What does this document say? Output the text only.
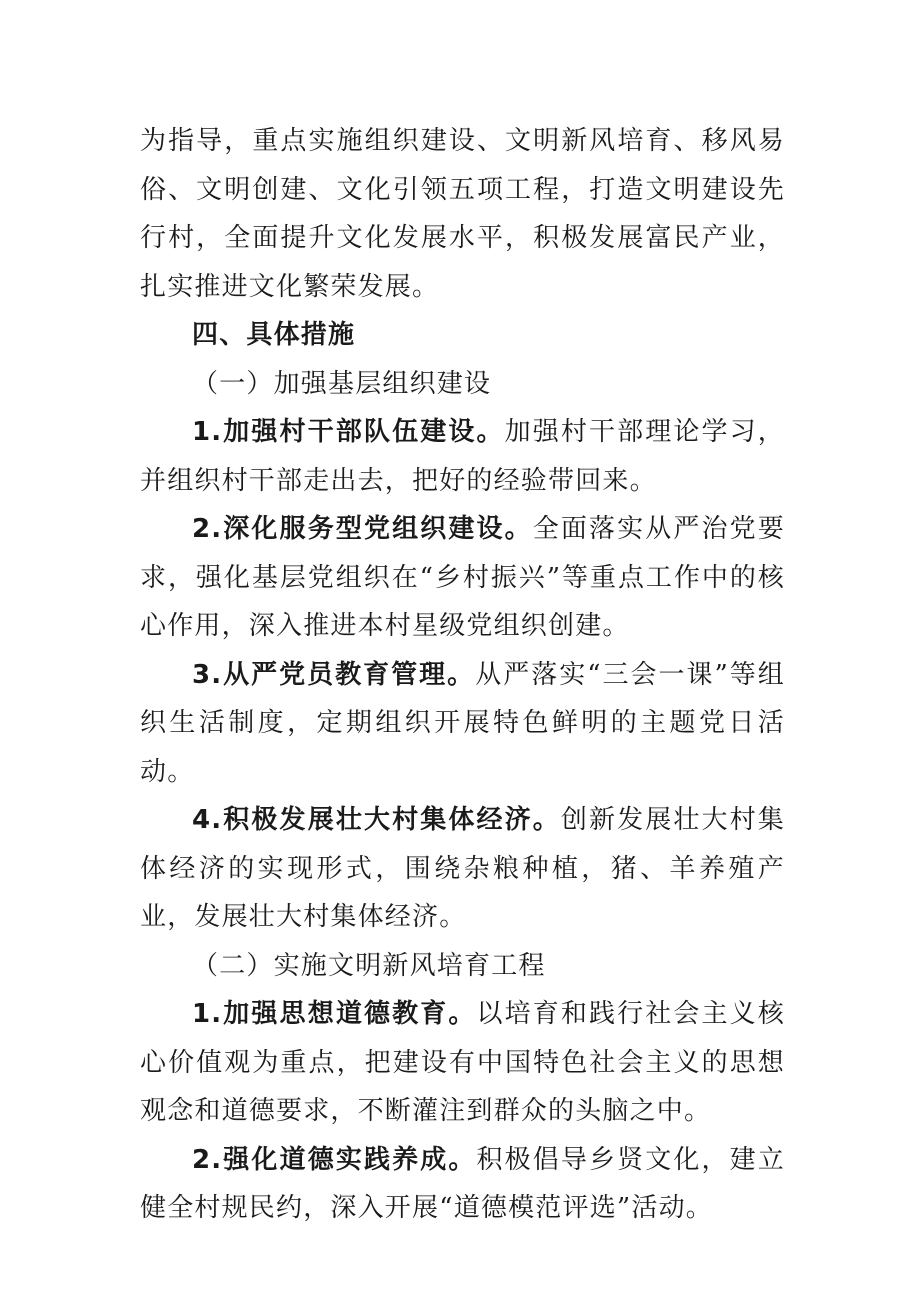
为指导，重点实施组织建设、文明新风培育、移风易俗、文明创建、文化引领五项工程，打造文明建设先行村，全面提升文化发展水平，积极发展富民产业，扎实推进文化繁荣发展。

四、具体措施

（一）加强基层组织建设

1.加强村干部队伍建设。加强村干部理论学习，并组织村干部走出去，把好的经验带回来。

2.深化服务型党组织建设。全面落实从严治党要求，强化基层党组织在“乡村振兴”等重点工作中的核心作用，深入推进本村星级党组织创建。

3.从严党员教育管理。从严落实“三会一课”等组织生活制度，定期组织开展特色鲜明的主题党日活动。

4.积极发展壮大村集体经济。创新发展壮大村集体经济的实现形式，围绕杂粮种植，猪、羊养殖产业，发展壮大村集体经济。

（二）实施文明新风培育工程

1.加强思想道德教育。以培育和践行社会主义核心价值观为重点，把建设有中国特色社会主义的思想观念和道德要求，不断灌注到群众的头脑之中。

2.强化道德实践养成。积极倡导乡贤文化，建立健全村规民约，深入开展“道德模范评选”活动。
